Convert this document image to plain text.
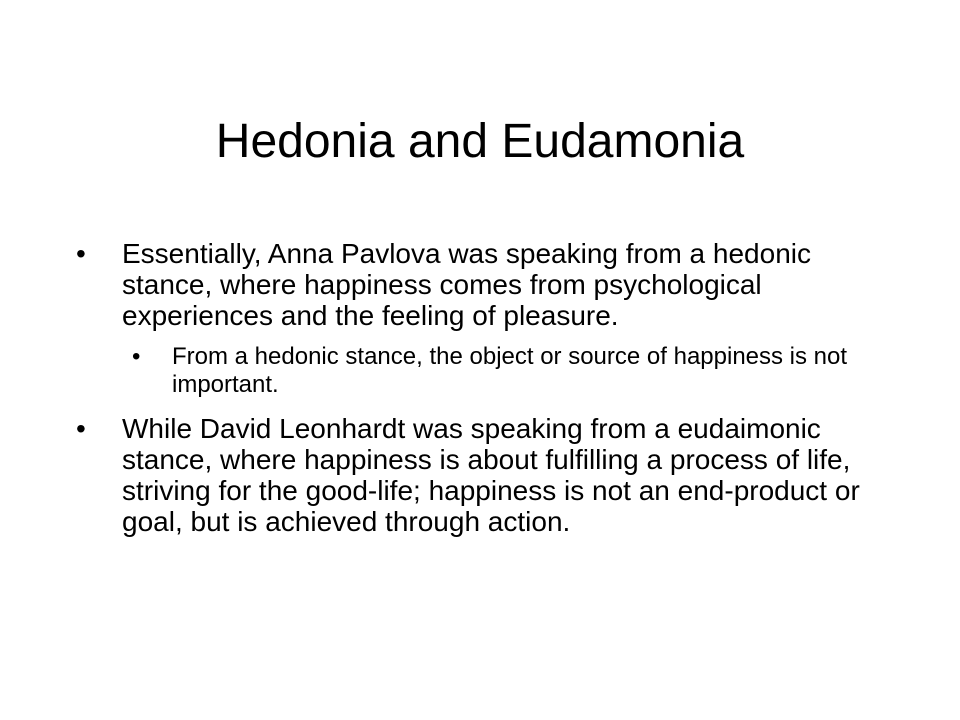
Hedonia and Eudamonia
• Essentially, Anna Pavlova was speaking from a hedonic stance, where happiness comes from psychological experiences and the feeling of pleasure.
• From a hedonic stance, the object or source of happiness is not important.
• While David Leonhardt was speaking from a eudaimonic stance, where happiness is about fulfilling a process of life, striving for the good-life; happiness is not an end-product or goal, but is achieved through action.
